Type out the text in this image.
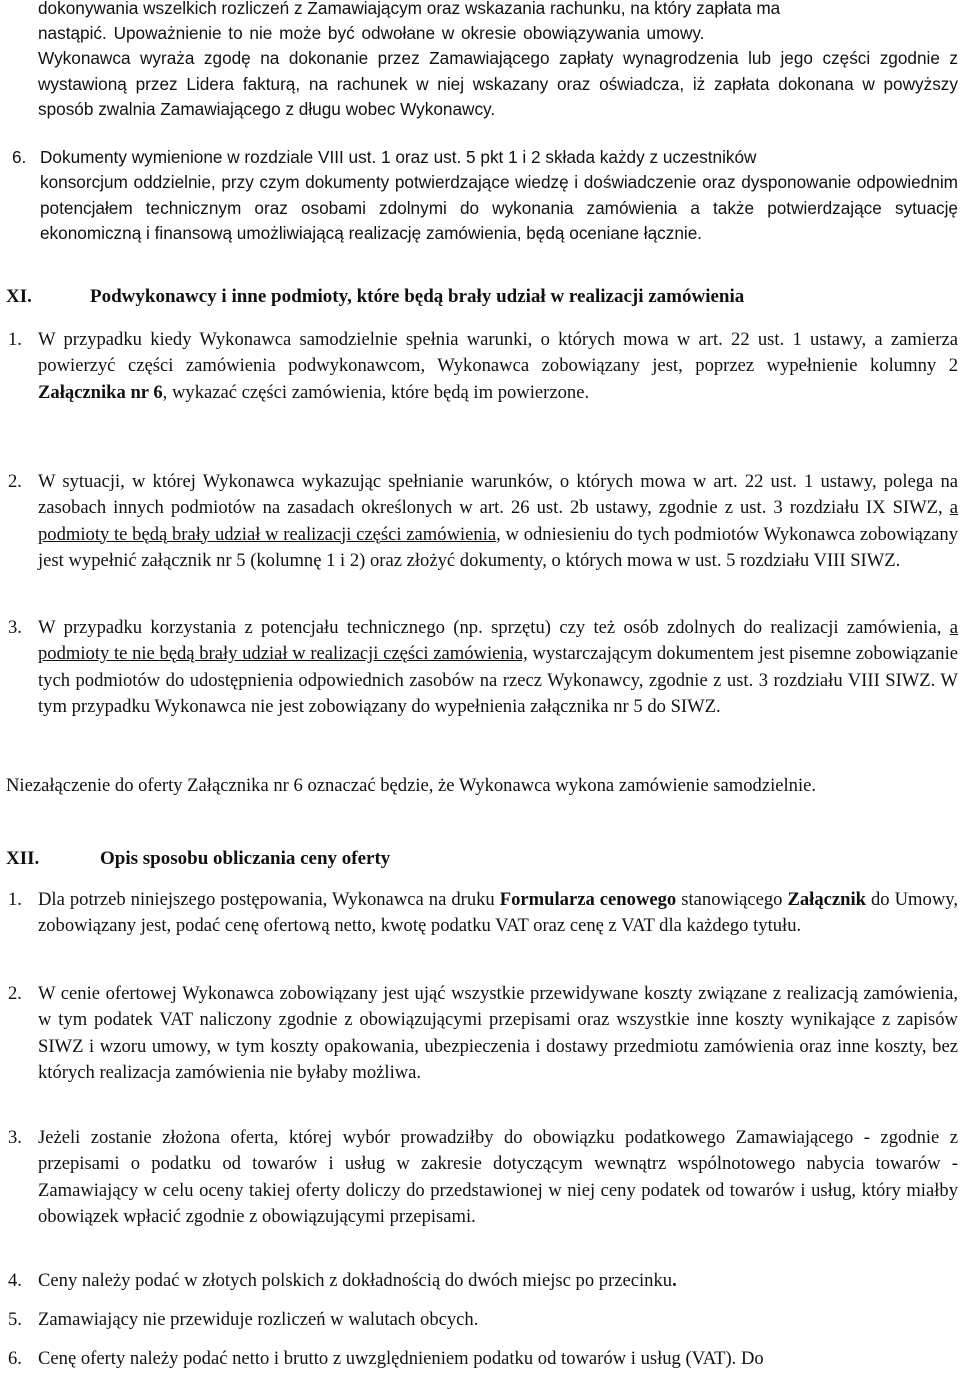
dokonywania wszelkich rozliczeń z Zamawiającym oraz wskazania rachunku, na który zapłata ma
nastąpić. Upoważnienie to nie może być odwołane w okresie obowiązywania umowy.
Wykonawca wyraża zgodę na dokonanie przez Zamawiającego zapłaty wynagrodzenia lub jego części zgodnie z wystawioną przez Lidera fakturą, na rachunek w niej wskazany oraz oświadcza, iż zapłata dokonana w powyższy sposób zwalnia Zamawiającego z długu wobec Wykonawcy.
6. Dokumenty wymienione w rozdziale VIII ust. 1 oraz ust. 5 pkt 1 i 2 składa każdy z uczestników
konsorcjum oddzielnie, przy czym dokumenty potwierdzające wiedzę i doświadczenie oraz dysponowanie odpowiednim potencjałem technicznym oraz osobami zdolnymi do wykonania zamówienia a także potwierdzające sytuację ekonomiczną i finansową umożliwiającą realizację zamówienia, będą oceniane łącznie.
XI.	Podwykonawcy i inne podmioty, które będą brały udział w realizacji zamówienia
1. W przypadku kiedy Wykonawca samodzielnie spełnia warunki, o których mowa w art. 22 ust. 1 ustawy, a zamierza powierzyć części zamówienia podwykonawcom, Wykonawca zobowiązany jest, poprzez wypełnienie kolumny 2 Załącznika nr 6, wykazać części zamówienia, które będą im powierzone.
2. W sytuacji, w której Wykonawca wykazując spełnianie warunków, o których mowa w art. 22 ust. 1 ustawy, polega na zasobach innych podmiotów na zasadach określonych w art. 26 ust. 2b ustawy, zgodnie z ust. 3 rozdziału IX SIWZ, a podmioty te będą brały udział w realizacji części zamówienia, w odniesieniu do tych podmiotów Wykonawca zobowiązany jest wypełnić załącznik nr 5 (kolumnę 1 i 2) oraz złożyć dokumenty, o których mowa w ust. 5 rozdziału VIII SIWZ.
3. W przypadku korzystania z potencjału technicznego (np. sprzętu) czy też osób zdolnych do realizacji zamówienia, a podmioty te nie będą brały udział w realizacji części zamówienia, wystarczającym dokumentem jest pisemne zobowiązanie tych podmiotów do udostępnienia odpowiednich zasobów na rzecz Wykonawcy, zgodnie z ust. 3 rozdziału VIII SIWZ. W tym przypadku Wykonawca nie jest zobowiązany do wypełnienia załącznika nr 5 do SIWZ.
Niezałączenie do oferty Załącznika nr 6 oznaczać będzie, że Wykonawca wykona zamówienie samodzielnie.
XII.	Opis sposobu obliczania ceny oferty
1. Dla potrzeb niniejszego postępowania, Wykonawca na druku Formularza cenowego stanowiącego Załącznik do Umowy, zobowiązany jest, podać cenę ofertową netto, kwotę podatku VAT oraz cenę z VAT dla każdego tytułu.
2. W cenie ofertowej Wykonawca zobowiązany jest ująć wszystkie przewidywane koszty związane z realizacją zamówienia, w tym podatek VAT naliczony zgodnie z obowiązującymi przepisami oraz wszystkie inne koszty wynikające z zapisów SIWZ i wzoru umowy, w tym koszty opakowania, ubezpieczenia i dostawy przedmiotu zamówienia oraz inne koszty, bez których realizacja zamówienia nie byłaby możliwa.
3. Jeżeli zostanie złożona oferta, której wybór prowadziłby do obowiązku podatkowego Zamawiającego - zgodnie z przepisami o podatku od towarów i usług w zakresie dotyczącym wewnątrz wspólnotowego nabycia towarów - Zamawiający w celu oceny takiej oferty doliczy do przedstawionej w niej ceny podatek od towarów i usług, który miałby obowiązek wpłacić zgodnie z obowiązującymi przepisami.
4. Ceny należy podać w złotych polskich z dokładnością do dwóch miejsc po przecinku.
5. Zamawiający nie przewiduje rozliczeń w walutach obcych.
6. Cenę oferty należy podać netto i brutto z uwzględnieniem podatku od towarów i usług (VAT). Do
